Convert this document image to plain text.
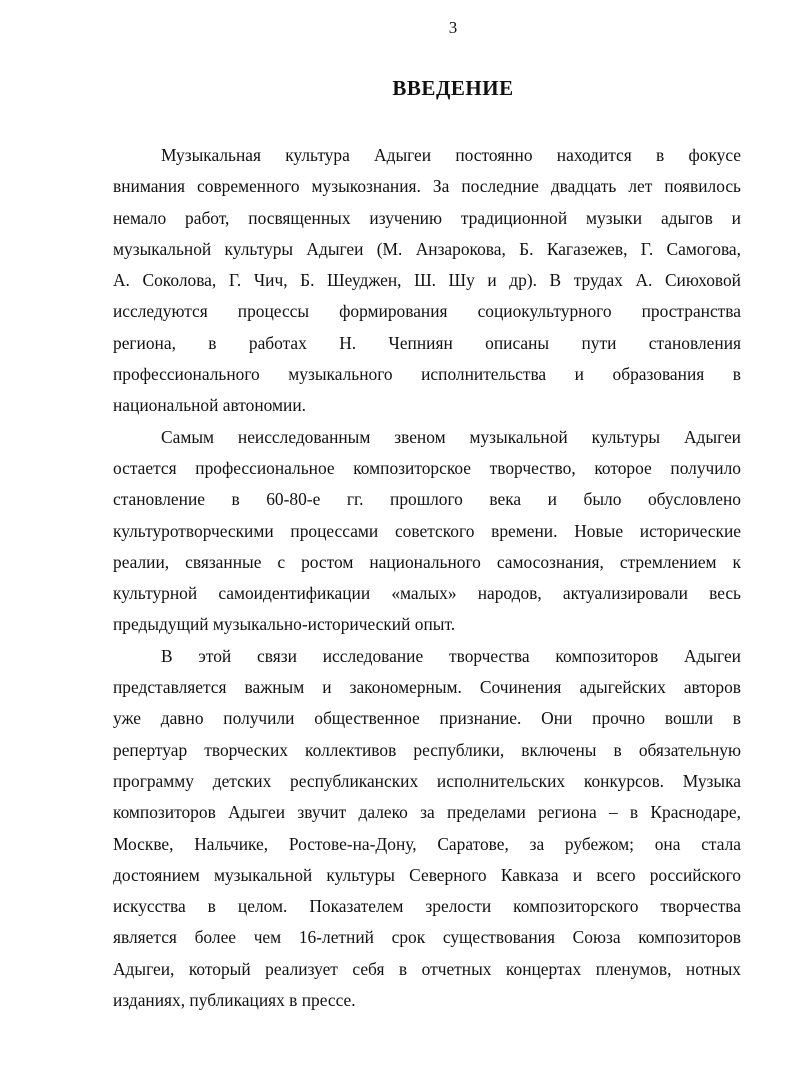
3
ВВЕДЕНИЕ
Музыкальная культура Адыгеи постоянно находится в фокусе
внимания современного музыкознания. За последние двадцать лет появилось
немало работ, посвященных изучению традиционной музыки адыгов и
музыкальной культуры Адыгеи (М. Анзарокова, Б. Кагазежев, Г. Самогова,
А. Соколова, Г. Чич, Б. Шеуджен, Ш. Шу и др). В трудах А. Сиюховой
исследуются процессы формирования социокультурного пространства
региона, в работах Н. Чепниян описаны пути становления
профессионального музыкального исполнительства и образования в
национальной автономии.
Самым неисследованным звеном музыкальной культуры Адыгеи
остается профессиональное композиторское творчество, которое получило
становление в 60-80-е гг. прошлого века и было обусловлено
культуротворческими процессами советского времени. Новые исторические
реалии, связанные с ростом национального самосознания, стремлением к
культурной самоидентификации «малых» народов, актуализировали весь
предыдущий музыкально-исторический опыт.
В этой связи исследование творчества композиторов Адыгеи
представляется важным и закономерным. Сочинения адыгейских авторов
уже давно получили общественное признание. Они прочно вошли в
репертуар творческих коллективов республики, включены в обязательную
программу детских республиканских исполнительских конкурсов. Музыка
композиторов Адыгеи звучит далеко за пределами региона – в Краснодаре,
Москве, Нальчике, Ростове-на-Дону, Саратове, за рубежом; она стала
достоянием музыкальной культуры Северного Кавказа и всего российского
искусства в целом. Показателем зрелости композиторского творчества
является более чем 16-летний срок существования Союза композиторов
Адыгеи, который реализует себя в отчетных концертах пленумов, нотных
изданиях, публикациях в прессе.
